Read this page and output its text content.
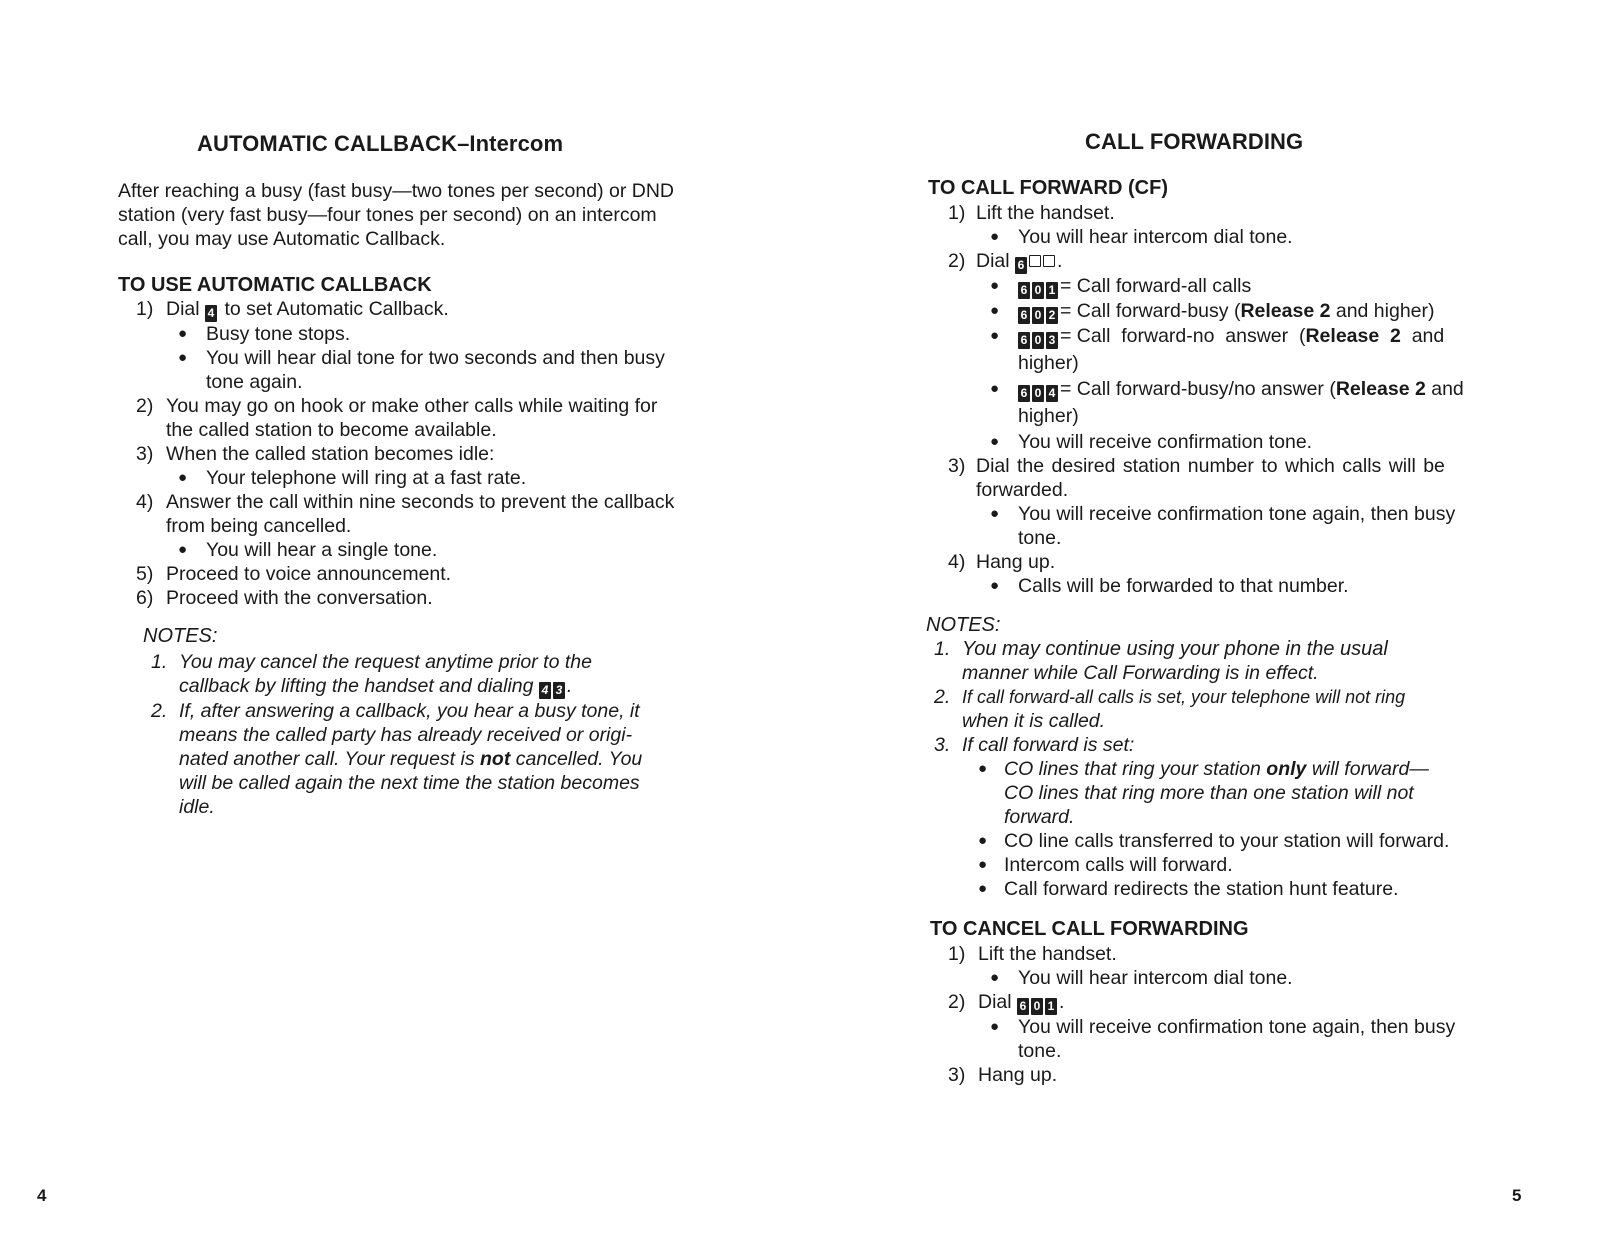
AUTOMATIC CALLBACK–Intercom
After reaching a busy (fast busy—two tones per second) or DND
station (very fast busy—four tones per second) on an intercom
call, you may use Automatic Callback.
TO USE AUTOMATIC CALLBACK
1) Dial 4 to set Automatic Callback.
● Busy tone stops.
● You will hear dial tone for two seconds and then busy
tone again.
2) You may go on hook or make other calls while waiting for
the called station to become available.
3) When the called station becomes idle:
● Your telephone will ring at a fast rate.
4) Answer the call within nine seconds to prevent the callback
from being cancelled.
● You will hear a single tone.
5) Proceed to voice announcement.
6) Proceed with the conversation.
NOTES:
1. You may cancel the request anytime prior to the
callback by lifting the handset and dialing 4 3 .
2. If, after answering a callback, you hear a busy tone, it
means the called party has already received or origi-
nated another call. Your request is not cancelled. You
will be called again the next time the station becomes
idle.
4
CALL FORWARDING
TO CALL FORWARD (CF)
1) Lift the handset.
● You will hear intercom dial tone.
2) Dial 6 .
● 6 0 1 = Call forward-all calls
● 6 0 2 = Call forward-busy (Release 2 and higher)
● 6 0 3 = Call  forward-no  answer  (Release  2  and
higher)
● 6 0 4 = Call forward-busy/no answer (Release 2 and
higher)
● You will receive confirmation tone.
3) Dial the desired station number to which calls will be
forwarded.
● You will receive confirmation tone again, then busy
tone.
4) Hang up.
● Calls will be forwarded to that number.
NOTES:
1. You may continue using your phone in the usual
manner while Call Forwarding is in effect.
2. If call forward-all calls is set, your telephone will not ring
when it is called.
3. If call forward is set:
● CO lines that ring your station only will forward—
CO lines that ring more than one station will not
forward.
● CO line calls transferred to your station will forward.
● Intercom calls will forward.
● Call forward redirects the station hunt feature.
TO CANCEL CALL FORWARDING
1) Lift the handset.
● You will hear intercom dial tone.
2) Dial 6 0 1 .
● You will receive confirmation tone again, then busy
tone.
3) Hang up.
5
